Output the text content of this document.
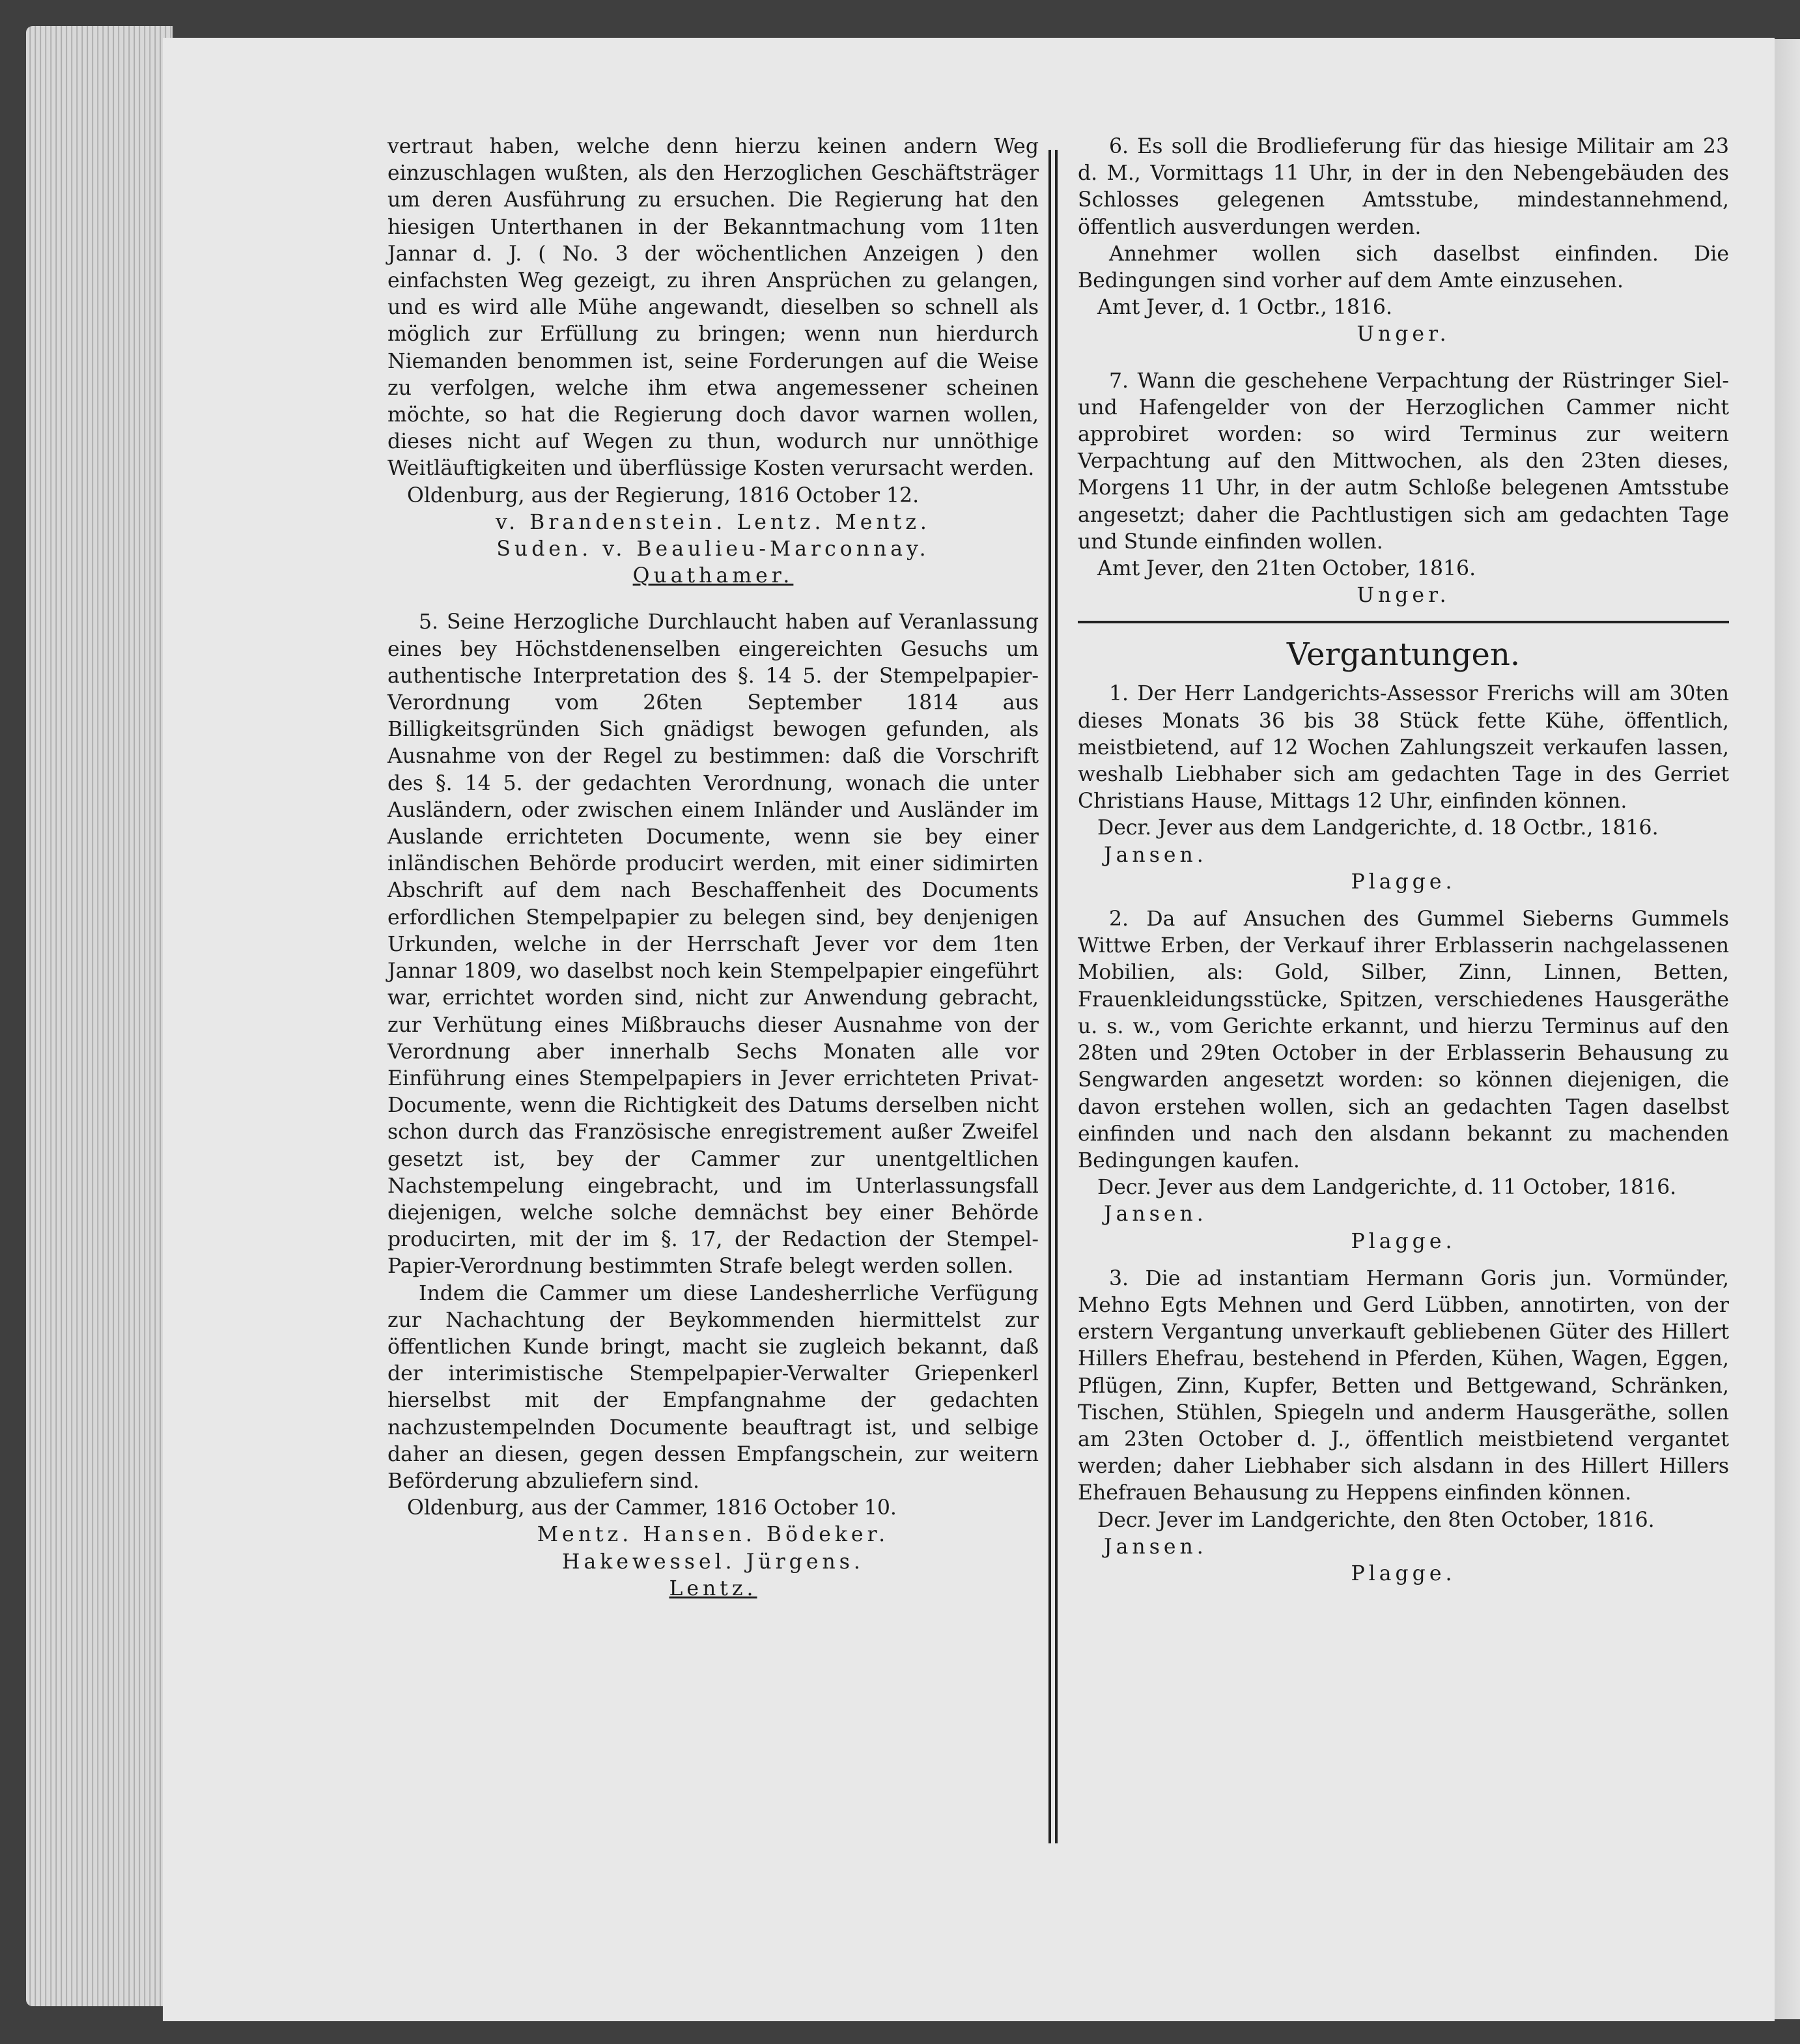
vertraut haben, welche denn hierzu keinen andern Weg einzuschlagen wußten, als den Herzoglichen Geschäftsträger um deren Ausführung zu ersuchen. Die Regierung hat den hiesigen Unterthanen in der Bekanntmachung vom 11ten Jannar d. J. ( No. 3 der wöchentlichen Anzeigen ) den einfachsten Weg gezeigt, zu ihren Ansprüchen zu gelangen, und es wird alle Mühe angewandt, dieselben so schnell als möglich zur Erfüllung zu bringen; wenn nun hierdurch Niemanden benommen ist, seine Forderungen auf die Weise zu verfolgen, welche ihm etwa angemessener scheinen möchte, so hat die Regierung doch davor warnen wollen, dieses nicht auf Wegen zu thun, wodurch nur unnöthige Weitläuftigkeiten und überflüssige Kosten verursacht werden.

Oldenburg, aus der Regierung, 1816 October 12.

v. Brandenstein. Lentz. Mentz.

Suden. v. Beaulieu-Marconnay.

Quathamer.

5. Seine Herzogliche Durchlaucht haben auf Veranlassung eines bey Höchstdenenselben eingereichten Gesuchs um authentische Interpretation des §. 14 5. der Stempelpapier-Verordnung vom 26ten September 1814 aus Billigkeitsgründen Sich gnädigst bewogen gefunden, als Ausnahme von der Regel zu bestimmen: daß die Vorschrift des §. 14 5. der gedachten Verordnung, wonach die unter Ausländern, oder zwischen einem Inländer und Ausländer im Auslande errichteten Documente, wenn sie bey einer inländischen Behörde producirt werden, mit einer sidimirten Abschrift auf dem nach Beschaffenheit des Documents erfordlichen Stempelpapier zu belegen sind, bey denjenigen Urkunden, welche in der Herrschaft Jever vor dem 1ten Jannar 1809, wo daselbst noch kein Stempelpapier eingeführt war, errichtet worden sind, nicht zur Anwendung gebracht, zur Verhütung eines Mißbrauchs dieser Ausnahme von der Verordnung aber innerhalb Sechs Monaten alle vor Einführung eines Stempelpapiers in Jever errichteten Privat-Documente, wenn die Richtigkeit des Datums derselben nicht schon durch das Französische enregistrement außer Zweifel gesetzt ist, bey der Cammer zur unentgeltlichen Nachstempelung eingebracht, und im Unterlassungsfall diejenigen, welche solche demnächst bey einer Behörde producirten, mit der im §. 17, der Redaction der Stempel-Papier-Verordnung bestimmten Strafe belegt werden sollen.

Indem die Cammer um diese Landesherrliche Verfügung zur Nachachtung der Beykommenden hiermittelst zur öffentlichen Kunde bringt, macht sie zugleich bekannt, daß der interimistische Stempelpapier-Verwalter Griepenkerl hierselbst mit der Empfangnahme der gedachten nachzustempelnden Documente beauftragt ist, und selbige daher an diesen, gegen dessen Empfangschein, zur weitern Beförderung abzuliefern sind.

Oldenburg, aus der Cammer, 1816 October 10.

Mentz. Hansen. Bödeker.

Hakewessel. Jürgens.

Lentz.

6. Es soll die Brodlieferung für das hiesige Militair am 23 d. M., Vormittags 11 Uhr, in der in den Nebengebäuden des Schlosses gelegenen Amtsstube, mindestannehmend, öffentlich ausverdungen werden.

Annehmer wollen sich daselbst einfinden. Die Bedingungen sind vorher auf dem Amte einzusehen.

Amt Jever, d. 1 Octbr., 1816.

Unger.

7. Wann die geschehene Verpachtung der Rüstringer Siel- und Hafengelder von der Herzoglichen Cammer nicht approbiret worden: so wird Terminus zur weitern Verpachtung auf den Mittwochen, als den 23ten dieses, Morgens 11 Uhr, in der autm Schloße belegenen Amtsstube angesetzt; daher die Pachtlustigen sich am gedachten Tage und Stunde einfinden wollen.

Amt Jever, den 21ten October, 1816.

Unger.

Vergantungen.

1. Der Herr Landgerichts-Assessor Frerichs will am 30ten dieses Monats 36 bis 38 Stück fette Kühe, öffentlich, meistbietend, auf 12 Wochen Zahlungszeit verkaufen lassen, weshalb Liebhaber sich am gedachten Tage in des Gerriet Christians Hause, Mittags 12 Uhr, einfinden können.

Decr. Jever aus dem Landgerichte, d. 18 Octbr., 1816.

Jansen.

Plagge.

2. Da auf Ansuchen des Gummel Sieberns Gummels Wittwe Erben, der Verkauf ihrer Erblasserin nachgelassenen Mobilien, als: Gold, Silber, Zinn, Linnen, Betten, Frauenkleidungsstücke, Spitzen, verschiedenes Hausgeräthe u. s. w., vom Gerichte erkannt, und hierzu Terminus auf den 28ten und 29ten October in der Erblasserin Behausung zu Sengwarden angesetzt worden: so können diejenigen, die davon erstehen wollen, sich an gedachten Tagen daselbst einfinden und nach den alsdann bekannt zu machenden Bedingungen kaufen.

Decr. Jever aus dem Landgerichte, d. 11 October, 1816.

Jansen.

Plagge.

3. Die ad instantiam Hermann Goris jun. Vormünder, Mehno Egts Mehnen und Gerd Lübben, annotirten, von der erstern Vergantung unverkauft gebliebenen Güter des Hillert Hillers Ehefrau, bestehend in Pferden, Kühen, Wagen, Eggen, Pflügen, Zinn, Kupfer, Betten und Bettgewand, Schränken, Tischen, Stühlen, Spiegeln und anderm Hausgeräthe, sollen am 23ten October d. J., öffentlich meistbietend vergantet werden; daher Liebhaber sich alsdann in des Hillert Hillers Ehefrauen Behausung zu Heppens einfinden können.

Decr. Jever im Landgerichte, den 8ten October, 1816.

Jansen.

Plagge.
